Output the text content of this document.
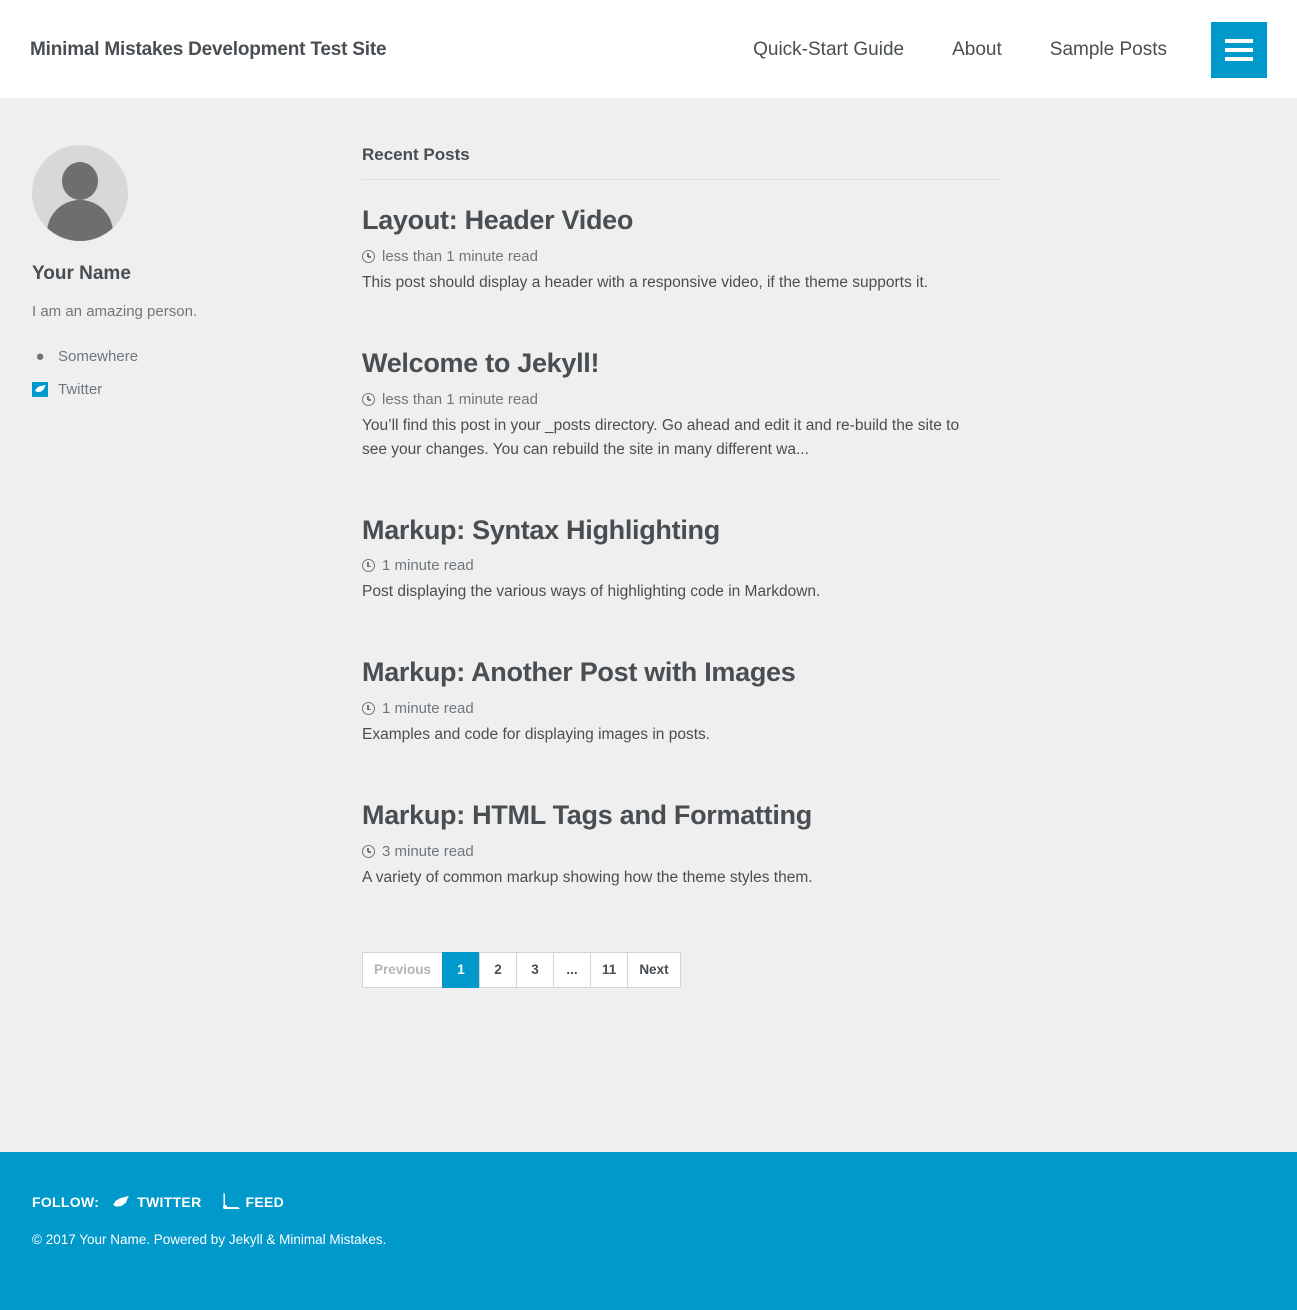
Minimal Mistakes Development Test Site	Quick-Start Guide	About	Sample Posts
Your Name

I am an amazing person.

● Somewhere
Twitter
Recent Posts
Layout: Header Video

less than 1 minute read

This post should display a header with a responsive video, if the theme supports it.

Welcome to Jekyll!

less than 1 minute read

You’ll find this post in your _posts directory. Go ahead and edit it and re-build the site to see your changes. You can rebuild the site in many different wa...

Markup: Syntax Highlighting

1 minute read

Post displaying the various ways of highlighting code in Markdown.

Markup: Another Post with Images

1 minute read

Examples and code for displaying images in posts.

Markup: HTML Tags and Formatting

3 minute read

A variety of common markup showing how the theme styles them.

Previous	1	2	3	...	11	Next
FOLLOW:	TWITTER	FEED
© 2017 Your Name. Powered by Jekyll & Minimal Mistakes.
